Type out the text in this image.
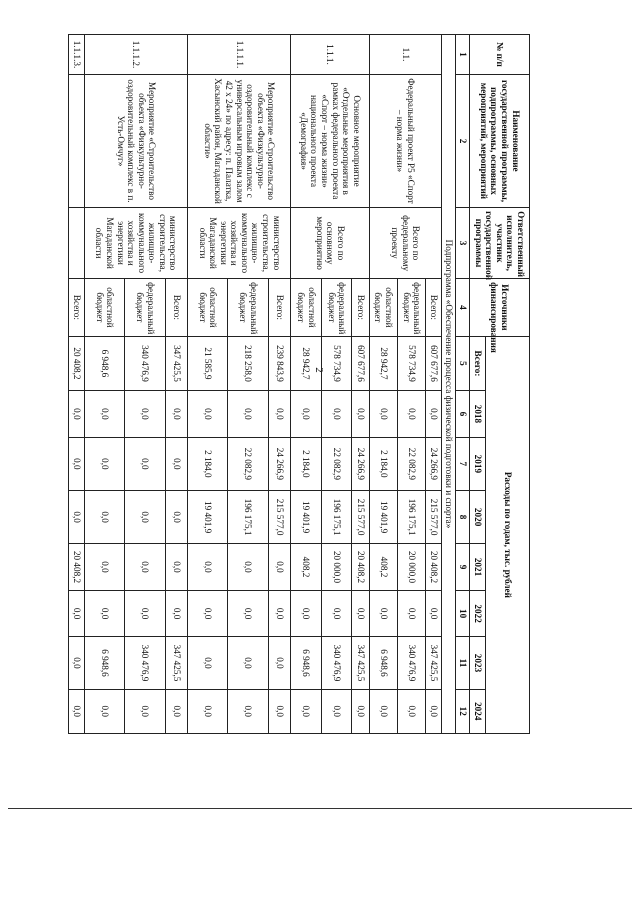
2
№ п/п	Наименование государственной программы, подпрограммы, основных мероприятий, мероприятий	Ответственный исполнитель, участник государственной программы	Источники финансирования	Расходы по годам, тыс. рублей							
				Всего:	2018	2019	2020	2021	2022	2023	2024
1	2	3	4	5	6	7	8	9	10	11	12
Подпрограмма «Обеспечение процесса физической подготовки и спорта»											
1.1.	Федеральный проект Р5 «Спорт – норма жизни»	Всего по федеральному проекту	Всего:	607 677,6	0,0	24 266,9	215 577,0	20 408,2	0,0	347 425,5	0,0
			федеральный бюджет	578 734,9	0,0	22 082,9	196 175,1	20 000,0	0,0	340 476,9	0,0
			областной бюджет	28 942,7	0,0	2 184,0	19 401,9	408,2	0,0	6 948,6	0,0
1.1.1.	Основное мероприятие «Отдельные мероприятия в рамках федерального проекта «Спорт – норма жизни» национального проекта «Демография»	Всего по основному мероприятию	Всего:	607 677,6	0,0	24 266,9	215 577,0	20 408,2	0,0	347 425,5	0,0
			федеральный бюджет	578 734,9	0,0	22 082,9	196 175,1	20 000,0	0,0	340 476,9	0,0
			областной бюджет	28 942,7	0,0	2 184,0	19 401,9	408,2	0,0	6 948,6	0,0
1.1.1.1.	Мероприятие «Строительство объекта «Физкультурно-оздоровительный комплекс с универсальным игровым залом 42 х 24» по адресу: п. Палатка, Хасынский район, Магаданской области»	министерство строительства, жилищно-коммунального хозяйства и энергетики Магаданской области	Всего:	239 843,9	0,0	24 266,9	215 577,0	0,0	0,0	0,0	0,0
			федеральный бюджет	218 258,0	0,0	22 082,9	196 175,1	0,0	0,0	0,0	0,0
			областной бюджет	21 585,9	0,0	2 184,0	19 401,9	0,0	0,0	0,0	0,0
1.1.1.2.	Мероприятие «Строительство объекта «Физкультурно-оздоровительный комплекс в п. Усть-Омчуг»	министерство строительства, жилищно-коммунального хозяйства и энергетики Магаданской области	Всего:	347 425,5	0,0	0,0	0,0	0,0	0,0	347 425,5	0,0
			федеральный бюджет	340 476,9	0,0	0,0	0,0	0,0	0,0	340 476,9	0,0
			областной бюджет	6 948,6	0,0	0,0	0,0	0,0	0,0	6 948,6	0,0
1.1.1.3.			Всего:	20 408,2	0,0	0,0	0,0	20 408,2	0,0	0,0	0,0
